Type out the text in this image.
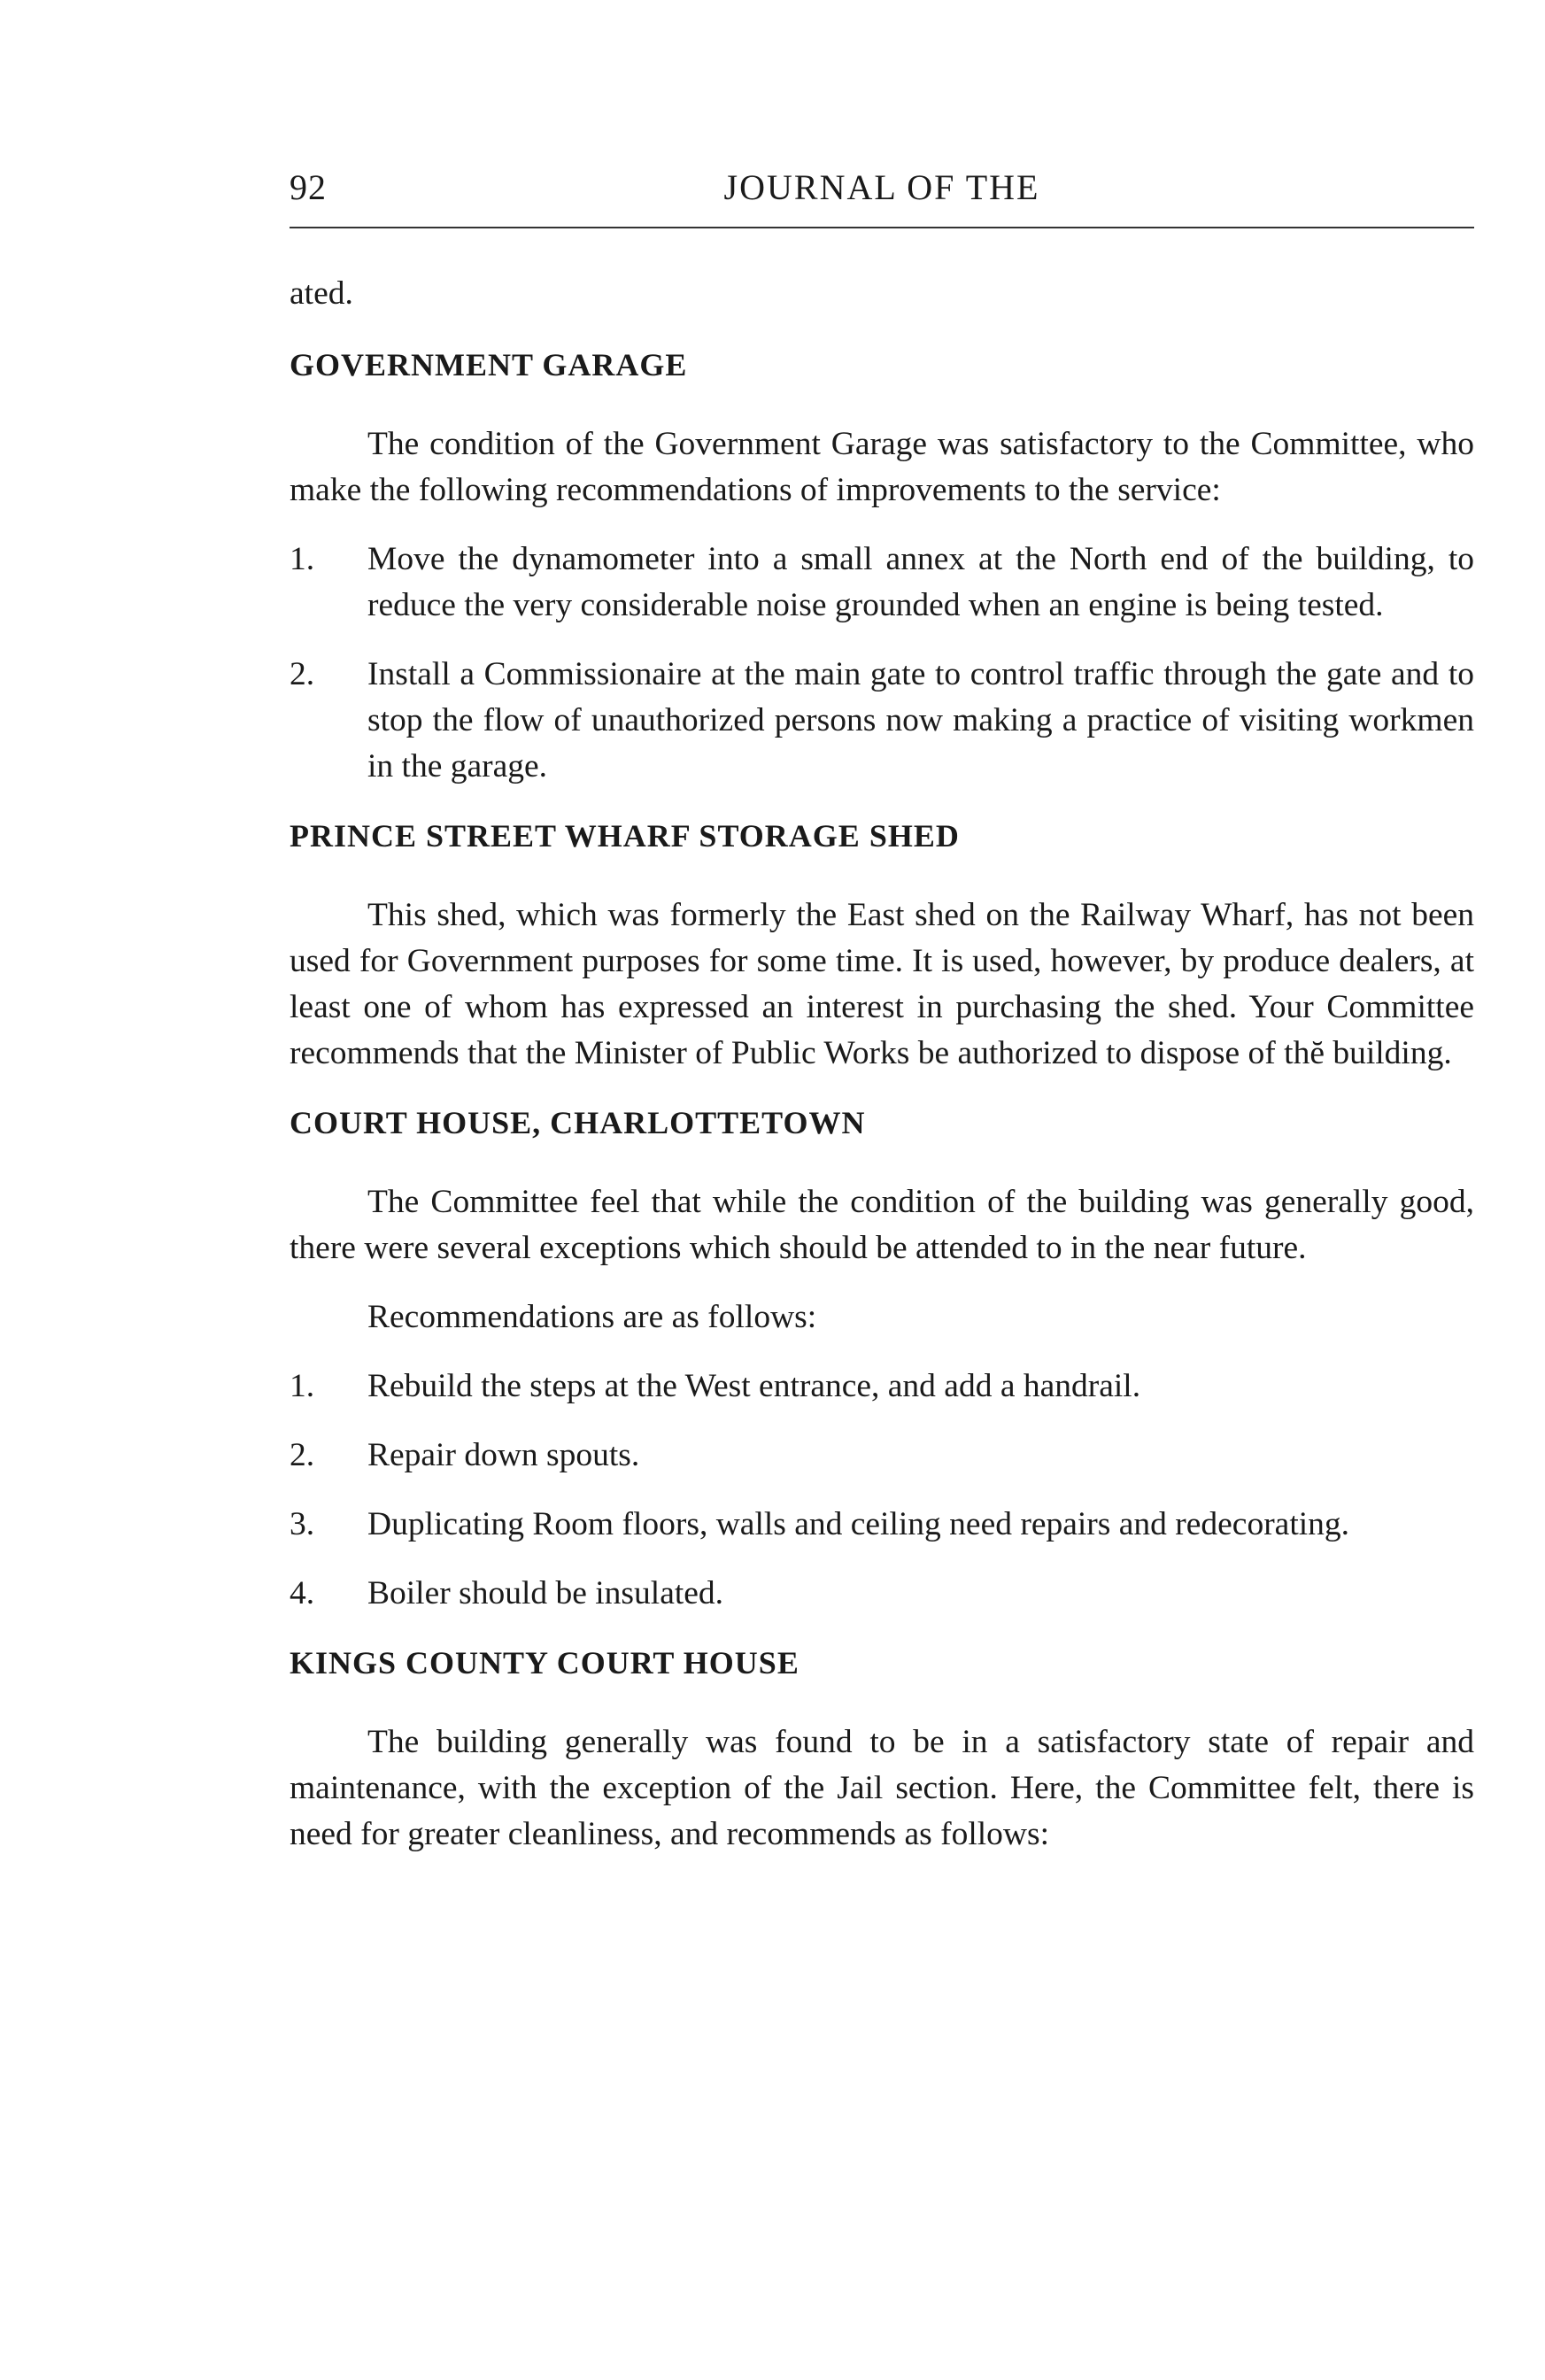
92	JOURNAL OF THE

ated.

GOVERNMENT GARAGE

The condition of the Government Garage was satisfactory to the Committee, who make the following recommendations of improvements to the service:

1.	Move the dynamometer into a small annex at the North end of the building, to reduce the very considerable noise grounded when an engine is being tested.
2.	Install a Commissionaire at the main gate to control traffic through the gate and to stop the flow of unauthorized persons now making a practice of visiting workmen in the garage.
PRINCE STREET WHARF STORAGE SHED

This shed, which was formerly the East shed on the Railway Wharf, has not been used for Government purposes for some time. It is used, however, by produce dealers, at least one of whom has expressed an interest in purchasing the shed. Your Committee recommends that the Minister of Public Works be authorized to dispose of thĕ building.

COURT HOUSE, CHARLOTTETOWN

The Committee feel that while the condition of the building was generally good, there were several exceptions which should be attended to in the near future.

Recommendations are as follows:

1.	Rebuild the steps at the West entrance, and add a handrail.
2.	Repair down spouts.
3.	Duplicating Room floors, walls and ceiling need repairs and redecorating.
4.	Boiler should be insulated.
KINGS COUNTY COURT HOUSE

The building generally was found to be in a satisfactory state of repair and maintenance, with the exception of the Jail section. Here, the Committee felt, there is need for greater cleanliness, and recommends as follows:
